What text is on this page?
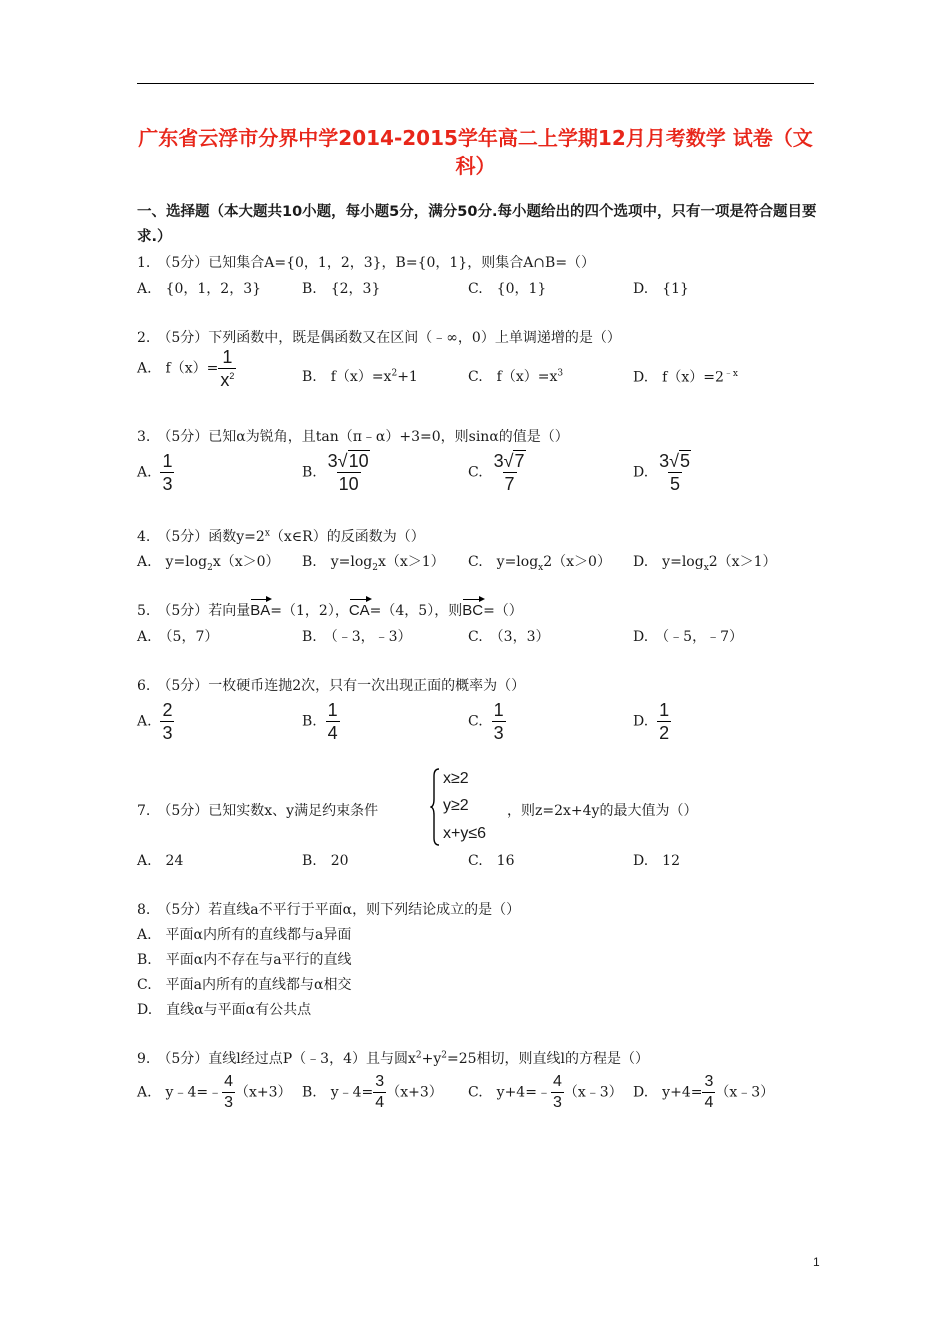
广东省云浮市分界中学2014-2015学年高二上学期12月月考数学 试卷（文科）
一、选择题（本大题共10小题，每小题5分，满分50分.每小题给出的四个选项中，只有一项是符合题目要求.）
1.　（5分）已知集合A={0，1，2，3}，B={0，1}，则集合A∩B=（）
A.　{0，1，2，3}	B.　{2，3}	C.　{0，1}	D.　{1}
2.　（5分）下列函数中，既是偶函数又在区间（﹣∞，0）上单调递增的是（）
A.　$f(x)= \frac{1}{x^2}$	B.　$f(x)=x^2+1$	C.　$f(x)=x^3$	D.　$f(x)=2^{﹣x}$
3.　（5分）已知α为锐角，且tan（π﹣α）+3=0，则sinα的值是（）
A. $\frac{1}{3}$	B. $\frac{3√10}{10}$	C. $\frac{3√7}{7}$	D. $\frac{3√5}{5}$
4.　（5分）函数$y=2^x(x\in R)$的反函数为（）
A.　$y=\log_2x(x>0)$ B.　$y=\log_2x(x>1)$ C.　$y=\log_x2(x>0)$ D.　$y=\log_x2(x>1)$
5.　（5分）若向量BA=（1，2），CA=（4，5），则BC=（）
A.　（5，7）	B.　（﹣3，﹣3）	C.　（3，3）	D.　（﹣5，﹣7）
6.　（5分）一枚硬币连抛2次，只有一次出现正面的概率为（）
A. $\frac{2}{3}$	B. $\frac{1}{4}$	C. $\frac{1}{3}$	D. $\frac{1}{2}$
7.　（5分）已知实数x、y满足约束条件
x≥2
y≥2
x+y≤6
，则z=2x+4y的最大值为（）
A.　24	B.　20	C.　16	D.　12
8.　（5分）若直线a不平行于平面α，则下列结论成立的是（）
A.　平面α内所有的直线都与a异面
B.　平面α内不存在与a平行的直线
C.　平面a内所有的直线都与α相交
D.　直线α与平面α有公共点
9.　（5分）直线l经过点P（﹣3，4）且与圆$x^2+y^2=25$相切，则直线l的方程是（）
A.　y﹣4=﹣ $\frac{4}{3} (x+3)$ B.　y﹣4= $\frac{3}{4} (x+3)$ C.　y+4=﹣ $\frac{4}{3}$ （x﹣3） D.　$y+4= \frac{3}{4}$ （x﹣3）
1
